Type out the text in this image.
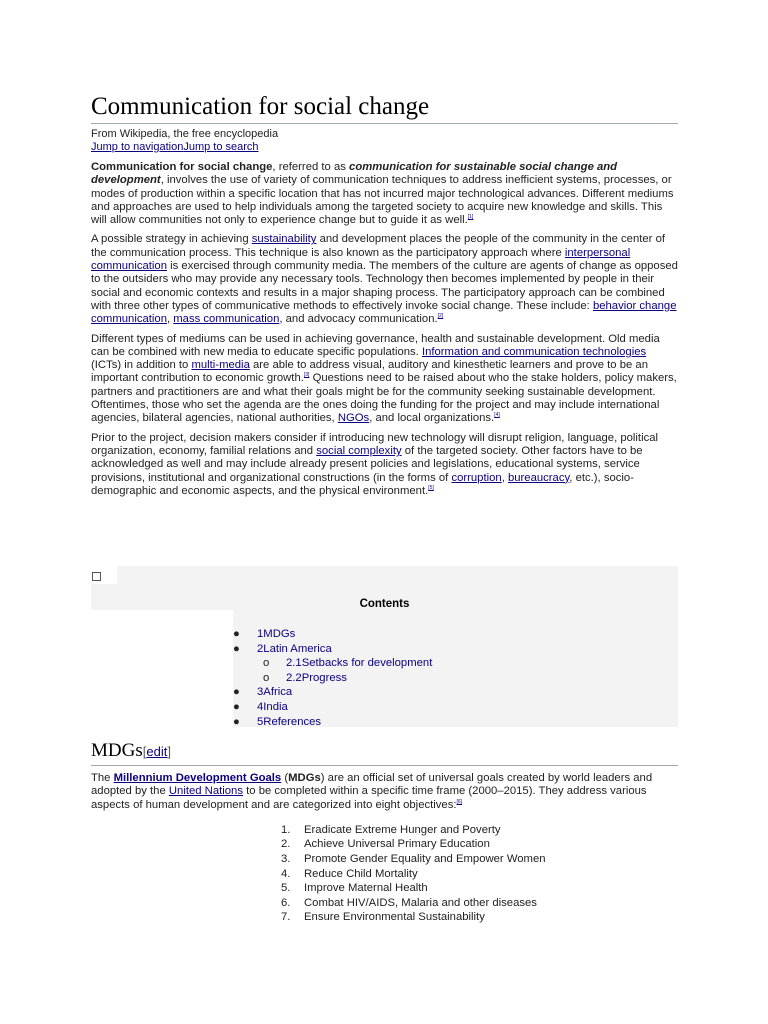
Communication for social change
From Wikipedia, the free encyclopedia
Jump to navigationJump to search

Communication for social change, referred to as communication for sustainable social change and development, involves the use of variety of communication techniques to address inefficient systems, processes, or modes of production within a specific location that has not incurred major technological advances. Different mediums and approaches are used to help individuals among the targeted society to acquire new knowledge and skills. This will allow communities not only to experience change but to guide it as well.[1]

A possible strategy in achieving sustainability and development places the people of the community in the center of the communication process. This technique is also known as the participatory approach where interpersonal communication is exercised through community media. The members of the culture are agents of change as opposed to the outsiders who may provide any necessary tools. Technology then becomes implemented by people in their social and economic contexts and results in a major shaping process. The participatory approach can be combined with three other types of communicative methods to effectively invoke social change. These include: behavior change communication, mass communication, and advocacy communication.[2]

Different types of mediums can be used in achieving governance, health and sustainable development. Old media can be combined with new media to educate specific populations. Information and communication technologies (ICTs) in addition to multi-media are able to address visual, auditory and kinesthetic learners and prove to be an important contribution to economic growth.[3] Questions need to be raised about who the stake holders, policy makers, partners and practitioners are and what their goals might be for the community seeking sustainable development. Oftentimes, those who set the agenda are the ones doing the funding for the project and may include international agencies, bilateral agencies, national authorities, NGOs, and local organizations.[4]

Prior to the project, decision makers consider if introducing new technology will disrupt religion, language, political organization, economy, familial relations and social complexity of the targeted society. Other factors have to be acknowledged as well and may include already present policies and legislations, educational systems, service provisions, institutional and organizational constructions (in the forms of corruption, bureaucracy, etc.), socio-demographic and economic aspects, and the physical environment.[5]

Contents
● 1MDGs
● 2Latin America
o 2.1Setbacks for development
o 2.2Progress
● 3Africa
● 4India
● 5References
MDGs[edit]

The Millennium Development Goals (MDGs) are an official set of universal goals created by world leaders and adopted by the United Nations to be completed within a specific time frame (2000–2015). They address various aspects of human development and are categorized into eight objectives:[6]

1. Eradicate Extreme Hunger and Poverty
2. Achieve Universal Primary Education
3. Promote Gender Equality and Empower Women
4. Reduce Child Mortality
5. Improve Maternal Health
6. Combat HIV/AIDS, Malaria and other diseases
7. Ensure Environmental Sustainability
